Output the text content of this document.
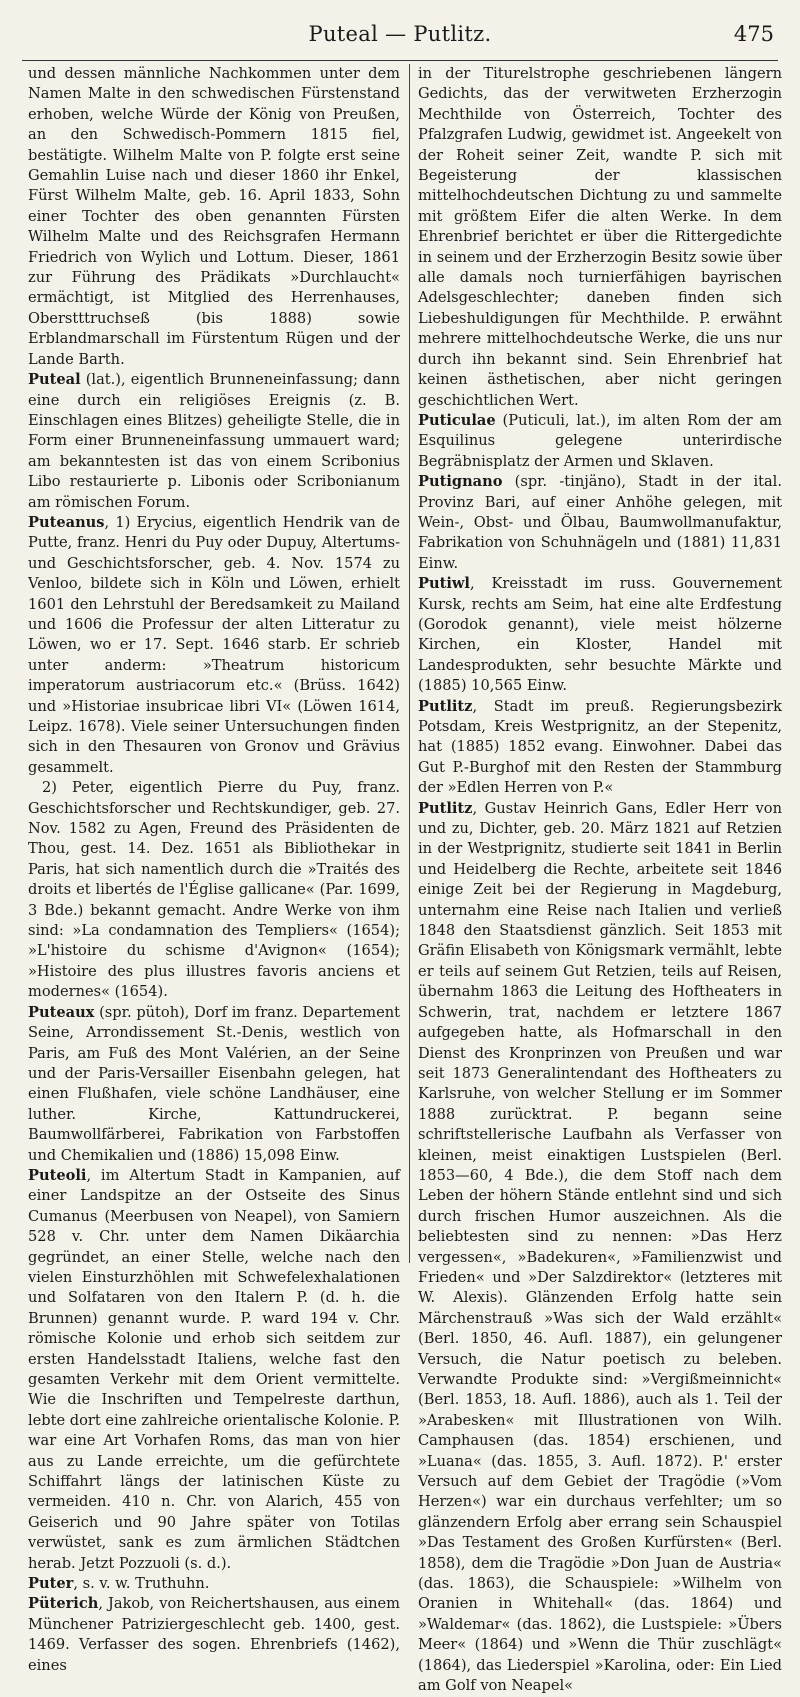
Puteal — Putlitz.	475

und dessen männliche Nachkommen unter dem Namen Malte in den schwedischen Fürstenstand erhoben, welche Würde der König von Preußen, an den Schwedisch-Pommern 1815 fiel, bestätigte. Wilhelm Malte von P. folgte erst seine Gemahlin Luise nach und dieser 1860 ihr Enkel, Fürst Wilhelm Malte, geb. 16. April 1833, Sohn einer Tochter des oben genannten Fürsten Wilhelm Malte und des Reichsgrafen Hermann Friedrich von Wylich und Lottum. Dieser, 1861 zur Führung des Prädikats »Durchlaucht« ermächtigt, ist Mitglied des Herrenhauses, Oberstttruchseß (bis 1888) sowie Erblandmarschall im Fürstentum Rügen und der Lande Barth.

Puteal (lat.), eigentlich Brunneneinfassung; dann eine durch ein religiöses Ereignis (z. B. Einschlagen eines Blitzes) geheiligte Stelle, die in Form einer Brunneneinfassung ummauert ward; am bekanntesten ist das von einem Scribonius Libo restaurierte p. Libonis oder Scribonianum am römischen Forum.

Puteanus, 1) Erycius, eigentlich Hendrik van de Putte, franz. Henri du Puy oder Dupuy, Altertums- und Geschichtsforscher, geb. 4. Nov. 1574 zu Venloo, bildete sich in Köln und Löwen, erhielt 1601 den Lehrstuhl der Beredsamkeit zu Mailand und 1606 die Professur der alten Litteratur zu Löwen, wo er 17. Sept. 1646 starb. Er schrieb unter anderm: »Theatrum historicum imperatorum austriacorum etc.« (Brüss. 1642) und »Historiae insubricae libri VI« (Löwen 1614, Leipz. 1678). Viele seiner Untersuchungen finden sich in den Thesauren von Gronov und Grävius gesammelt.

2) Peter, eigentlich Pierre du Puy, franz. Geschichtsforscher und Rechtskundiger, geb. 27. Nov. 1582 zu Agen, Freund des Präsidenten de Thou, gest. 14. Dez. 1651 als Bibliothekar in Paris, hat sich namentlich durch die »Traités des droits et libertés de l'Église gallicane« (Par. 1699, 3 Bde.) bekannt gemacht. Andre Werke von ihm sind: »La condamnation des Templiers« (1654); »L'histoire du schisme d'Avignon« (1654); »Histoire des plus illustres favoris anciens et modernes« (1654).

Puteaux (spr. pütoh), Dorf im franz. Departement Seine, Arrondissement St.-Denis, westlich von Paris, am Fuß des Mont Valérien, an der Seine und der Paris-Versailler Eisenbahn gelegen, hat einen Flußhafen, viele schöne Landhäuser, eine luther. Kirche, Kattundruckerei, Baumwollfärberei, Fabrikation von Farbstoffen und Chemikalien und (1886) 15,098 Einw.

Puteoli, im Altertum Stadt in Kampanien, auf einer Landspitze an der Ostseite des Sinus Cumanus (Meerbusen von Neapel), von Samiern 528 v. Chr. unter dem Namen Dikäarchia gegründet, an einer Stelle, welche nach den vielen Einsturzhöhlen mit Schwefelexhalationen und Solfataren von den Italern P. (d. h. die Brunnen) genannt wurde. P. ward 194 v. Chr. römische Kolonie und erhob sich seitdem zur ersten Handelsstadt Italiens, welche fast den gesamten Verkehr mit dem Orient vermittelte. Wie die Inschriften und Tempelreste darthun, lebte dort eine zahlreiche orientalische Kolonie. P. war eine Art Vorhafen Roms, das man von hier aus zu Lande erreichte, um die gefürchtete Schiffahrt längs der latinischen Küste zu vermeiden. 410 n. Chr. von Alarich, 455 von Geiserich und 90 Jahre später von Totilas verwüstet, sank es zum ärmlichen Städtchen herab. Jetzt Pozzuoli (s. d.).

Puter, s. v. w. Truthuhn.

Püterich, Jakob, von Reichertshausen, aus einem Münchener Patriziergeschlecht geb. 1400, gest. 1469. Verfasser des sogen. Ehrenbriefs (1462), eines

in der Titurelstrophe geschriebenen längern Gedichts, das der verwitweten Erzherzogin Mechthilde von Österreich, Tochter des Pfalzgrafen Ludwig, gewidmet ist. Angeekelt von der Roheit seiner Zeit, wandte P. sich mit Begeisterung der klassischen mittelhochdeutschen Dichtung zu und sammelte mit größtem Eifer die alten Werke. In dem Ehrenbrief berichtet er über die Rittergedichte in seinem und der Erzherzogin Besitz sowie über alle damals noch turnierfähigen bayrischen Adelsgeschlechter; daneben finden sich Liebeshuldigungen für Mechthilde. P. erwähnt mehrere mittelhochdeutsche Werke, die uns nur durch ihn bekannt sind. Sein Ehrenbrief hat keinen ästhetischen, aber nicht geringen geschichtlichen Wert.

Puticulae (Puticuli, lat.), im alten Rom der am Esquilinus gelegene unterirdische Begräbnisplatz der Armen und Sklaven.

Putignano (spr. -tinjäno), Stadt in der ital. Provinz Bari, auf einer Anhöhe gelegen, mit Wein-, Obst- und Ölbau, Baumwollmanufaktur, Fabrikation von Schuhnägeln und (1881) 11,831 Einw.

Putiwl, Kreisstadt im russ. Gouvernement Kursk, rechts am Seim, hat eine alte Erdfestung (Gorodok genannt), viele meist hölzerne Kirchen, ein Kloster, Handel mit Landesprodukten, sehr besuchte Märkte und (1885) 10,565 Einw.

Putlitz, Stadt im preuß. Regierungsbezirk Potsdam, Kreis Westprignitz, an der Stepenitz, hat (1885) 1852 evang. Einwohner. Dabei das Gut P.-Burghof mit den Resten der Stammburg der »Edlen Herren von P.«

Putlitz, Gustav Heinrich Gans, Edler Herr von und zu, Dichter, geb. 20. März 1821 auf Retzien in der Westprignitz, studierte seit 1841 in Berlin und Heidelberg die Rechte, arbeitete seit 1846 einige Zeit bei der Regierung in Magdeburg, unternahm eine Reise nach Italien und verließ 1848 den Staatsdienst gänzlich. Seit 1853 mit Gräfin Elisabeth von Königsmark vermählt, lebte er teils auf seinem Gut Retzien, teils auf Reisen, übernahm 1863 die Leitung des Hoftheaters in Schwerin, trat, nachdem er letztere 1867 aufgegeben hatte, als Hofmarschall in den Dienst des Kronprinzen von Preußen und war seit 1873 Generalintendant des Hoftheaters zu Karlsruhe, von welcher Stellung er im Sommer 1888 zurücktrat. P. begann seine schriftstellerische Laufbahn als Verfasser von kleinen, meist einaktigen Lustspielen (Berl. 1853—60, 4 Bde.), die dem Stoff nach dem Leben der höhern Stände entlehnt sind und sich durch frischen Humor auszeichnen. Als die beliebtesten sind zu nennen: »Das Herz vergessen«, »Badekuren«, »Familienzwist und Frieden« und »Der Salzdirektor« (letzteres mit W. Alexis). Glänzenden Erfolg hatte sein Märchenstrauß »Was sich der Wald erzählt« (Berl. 1850, 46. Aufl. 1887), ein gelungener Versuch, die Natur poetisch zu beleben. Verwandte Produkte sind: »Vergißmeinnicht« (Berl. 1853, 18. Aufl. 1886), auch als 1. Teil der »Arabesken« mit Illustrationen von Wilh. Camphausen (das. 1854) erschienen, und »Luana« (das. 1855, 3. Aufl. 1872). P.' erster Versuch auf dem Gebiet der Tragödie (»Vom Herzen«) war ein durchaus verfehlter; um so glänzendern Erfolg aber errang sein Schauspiel »Das Testament des Großen Kurfürsten« (Berl. 1858), dem die Tragödie »Don Juan de Austria« (das. 1863), die Schauspiele: »Wilhelm von Oranien in Whitehall« (das. 1864) und »Waldemar« (das. 1862), die Lustspiele: »Übers Meer« (1864) und »Wenn die Thür zuschlägt« (1864), das Liederspiel »Karolina, oder: Ein Lied am Golf von Neapel«
